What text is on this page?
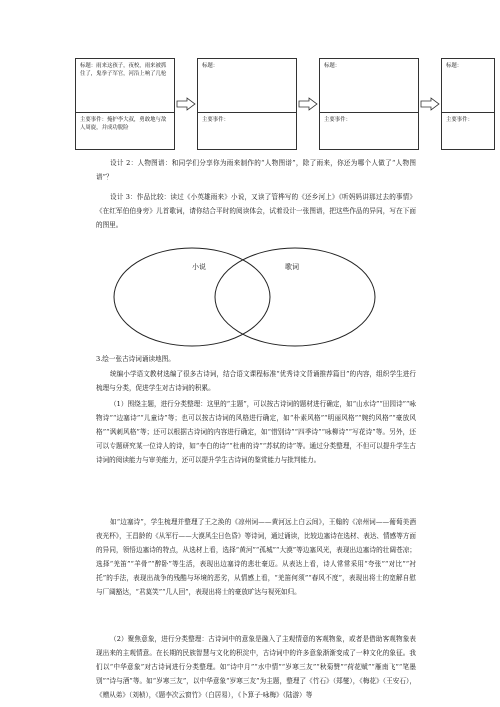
标题：雨来这孩子，夜校，雨来被抓住了，鬼拳子军官，河沿上响了几枪
主要事件：掩护李大叔，勇敢地与敌人周旋，并成功脱险
标题：
主要事件：
标题：
主要事件：
标题：
主要事件：

设计 2：人物图谱：和同学们分享你为雨来制作的“人物图谱”，除了雨来，你还为哪个人做了“人物图谱”？

设计 3：作品比较：读过《小英雄雨来》小说，又读了管桦写的《还乡河上》《听妈妈讲那过去的事情》《在红军伯伯身旁》儿首歌词，请你结合平时的阅读体会，试着设计一张图谱，把这些作品的异同，写在下面的图里。

小说	歌词
3.绘一张古诗词诵读地图。

统编小学语文教材选编了很多古诗词，结合语文课程标准“优秀诗文背诵推荐篇目”的内容，组织学生进行梳理与分类，促进学生对古诗词的积累。

（1）围绕主题，进行分类整理：这里的“主题”，可以按古诗词的题材进行确定，如“山水诗”“田园诗”“咏物诗”“边塞诗”“儿童诗”等；也可以按古诗词的风格进行确定，如“朴素风格”“明丽风格”“婉约风格”“豪放风格”“讽刺风格”等；还可以根据古诗词的内容进行确定，如“惜别诗”“四季诗”“咏柳诗”“写花诗”等。另外，还可以专题研究某一位诗人的诗，如“李白的诗”“杜甫的诗”“苏轼的诗”等。通过分类整理，不但可以提升学生古诗词的阅读能力与审美能力，还可以提升学生古诗词的鉴赏能力与批判能力。

如“边塞诗”，学生梳理并整理了王之涣的《凉州词——黄河远上白云间》，王翰的《凉州词——葡萄美酒夜光杯》，王昌龄的《从军行——大漠风尘日色昏》等诗词，通过诵读，比较边塞诗在选材、表达、情感等方面的异同，领悟边塞诗的特点，从选材上看，选择“黄河”“孤城”“大漠”等边塞风光，表现出边塞诗的壮阔苍凉；选择“羌笛”“羊骨”“醉卧”等生活，表现出边塞诗的悲壮豪迈。从表达上看，诗人常常采用“夸张”“对比”“衬托”的手法，表现出战争的残酷与环境的恶劣，从情感上看，“羌笛何须”“春风不度”，表现出将士的宽解自慰与厂阔豁达，“君莫笑”“几人回”，表现出将士的豪放旷达与视死如归。

（2）聚焦意象，进行分类整理：古诗词中的意象是融入了主观情意的客观物象，或者是借助客观物象表现出来的主观情意。在长期的民族智慧与文化的积淀中，古诗词中的许多意象渐渐变成了一种文化的象征。我们以“中华意象”对古诗词进行分类整理。如“诗中月”“水中情”“岁寒三友”“秋菊赞”“荷花赋”“雁南飞”“笔墨别”“诗与酒”等。如“岁寒三友”，以中华意象“岁寒三友”为主题，整理了《竹石》（郑燮），《梅花》（王安石），《赠从弟》（刘桢），《题李次云窗竹》（白居易），《卜算子·咏梅》（陆游）等
